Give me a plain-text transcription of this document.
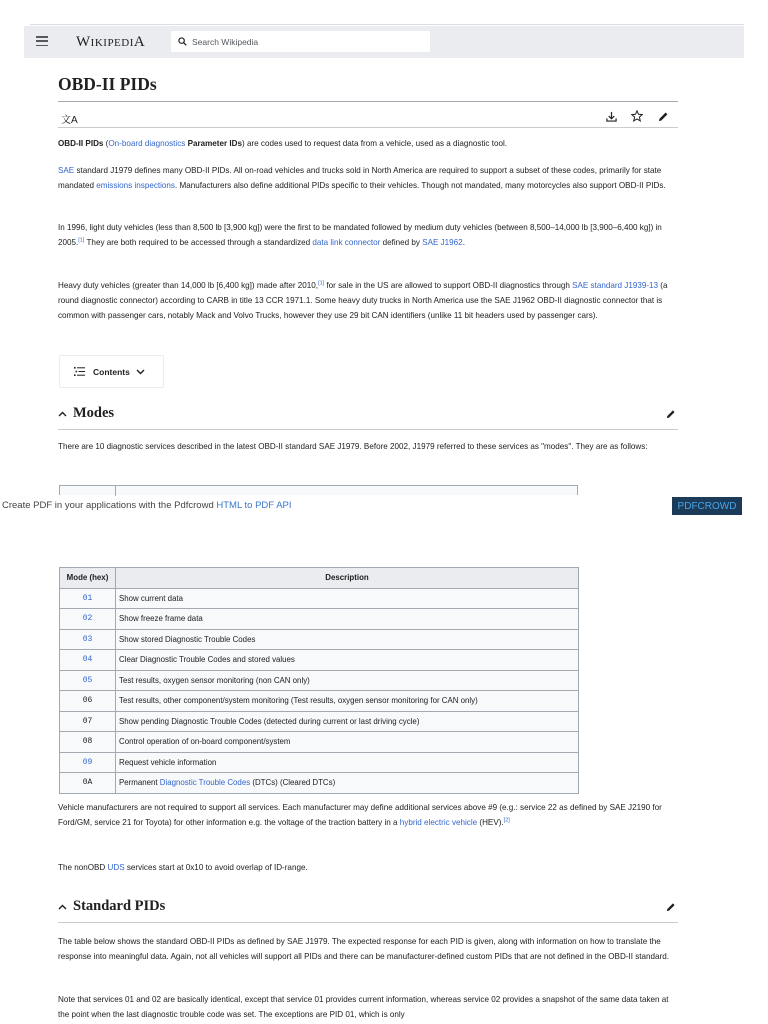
WIKIPEDIA
Search Wikipedia
OBD-II PIDs
文A

OBD-II PIDs (On-board diagnostics Parameter IDs) are codes used to request data from a vehicle, used as a diagnostic tool.

SAE standard J1979 defines many OBD-II PIDs. All on-road vehicles and trucks sold in North America are required to support a subset of these codes, primarily for state mandated emissions inspections. Manufacturers also define additional PIDs specific to their vehicles. Though not mandated, many motorcycles also support OBD-II PIDs.

In 1996, light duty vehicles (less than 8,500 lb [3,900 kg]) were the first to be mandated followed by medium duty vehicles (between 8,500–14,000 lb [3,900–6,400 kg]) in 2005.[1] They are both required to be accessed through a standardized data link connector defined by SAE J1962.

Heavy duty vehicles (greater than 14,000 lb [6,400 kg]) made after 2010,[1] for sale in the US are allowed to support OBD-II diagnostics through SAE standard J1939-13 (a round diagnostic connector) according to CARB in title 13 CCR 1971.1. Some heavy duty trucks in North America use the SAE J1962 OBD-II diagnostic connector that is common with passenger cars, notably Mack and Volvo Trucks, however they use 29 bit CAN identifiers (unlike 11 bit headers used by passenger cars).

Contents
Modes

There are 10 diagnostic services described in the latest OBD-II standard SAE J1979. Before 2002, J1979 referred to these services as "modes". They are as follows:

Create PDF in your applications with the Pdfcrowd HTML to PDF API	PDFCROWD
Mode (hex)	Description
01	Show current data
02	Show freeze frame data
03	Show stored Diagnostic Trouble Codes
04	Clear Diagnostic Trouble Codes and stored values
05	Test results, oxygen sensor monitoring (non CAN only)
06	Test results, other component/system monitoring (Test results, oxygen sensor monitoring for CAN only)
07	Show pending Diagnostic Trouble Codes (detected during current or last driving cycle)
08	Control operation of on-board component/system
09	Request vehicle information
0A	Permanent Diagnostic Trouble Codes (DTCs) (Cleared DTCs)

Vehicle manufacturers are not required to support all services. Each manufacturer may define additional services above #9 (e.g.: service 22 as defined by SAE J2190 for Ford/GM, service 21 for Toyota) for other information e.g. the voltage of the traction battery in a hybrid electric vehicle (HEV).[2]

The nonOBD UDS services start at 0x10 to avoid overlap of ID-range.

Standard PIDs

The table below shows the standard OBD-II PIDs as defined by SAE J1979. The expected response for each PID is given, along with information on how to translate the response into meaningful data. Again, not all vehicles will support all PIDs and there can be manufacturer-defined custom PIDs that are not defined in the OBD-II standard.

Note that services 01 and 02 are basically identical, except that service 01 provides current information, whereas service 02 provides a snapshot of the same data taken at the point when the last diagnostic trouble code was set. The exceptions are PID 01, which is only
